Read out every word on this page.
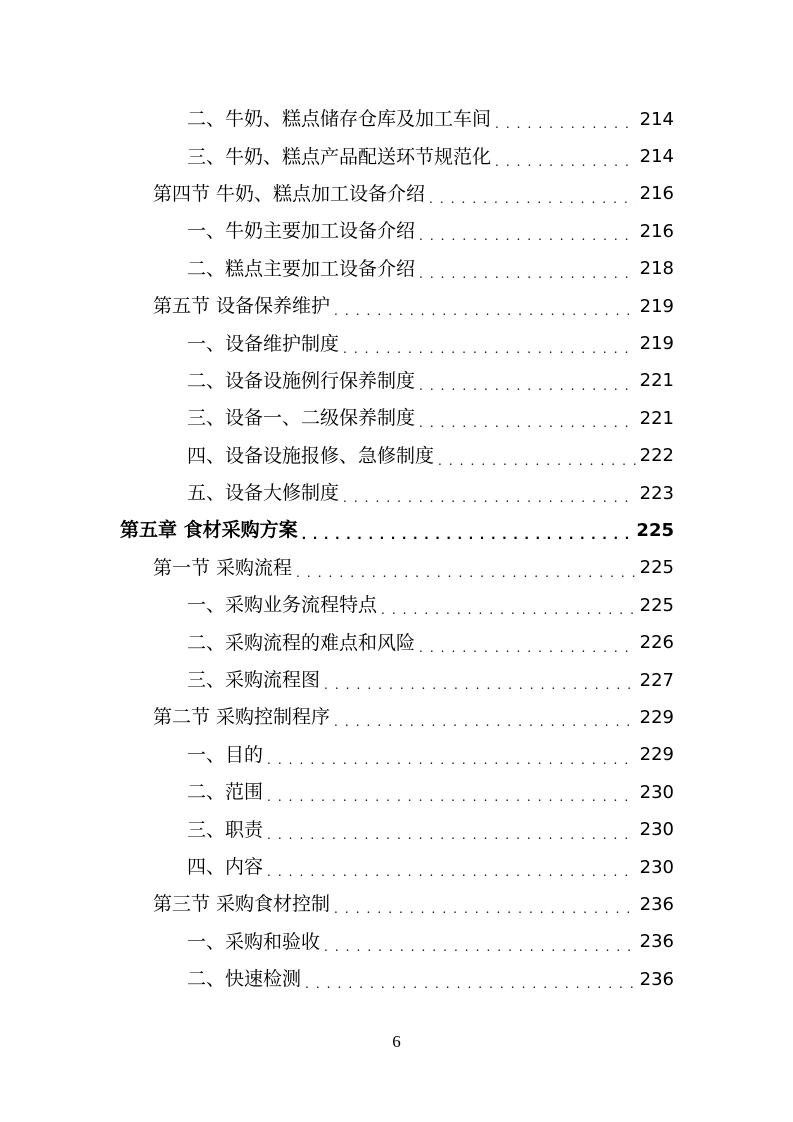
二、牛奶、糕点储存仓库及加工车间 . . .	214
三、牛奶、糕点产品配送环节规范化 . . .	214
第四节 牛奶、糕点加工设备介绍 . . .	216
一、牛奶主要加工设备介绍 . . .	216
二、糕点主要加工设备介绍 . . .	218
第五节 设备保养维护 . . .	219
一、设备维护制度 . . .	219
二、设备设施例行保养制度 . . .	221
三、设备一、二级保养制度 . . .	221
四、设备设施报修、急修制度 . . .	222
五、设备大修制度 . . .	223
第五章 食材采购方案 . . .	225
第一节 采购流程 . . .	225
一、采购业务流程特点 . . .	225
二、采购流程的难点和风险 . . .	226
三、采购流程图 . . .	227
第二节 采购控制程序 . . .	229
一、目的 . . .	229
二、范围 . . .	230
三、职责 . . .	230
四、内容 . . .	230
第三节 采购食材控制 . . .	236
一、采购和验收 . . .	236
二、快速检测 . . .	236
6
